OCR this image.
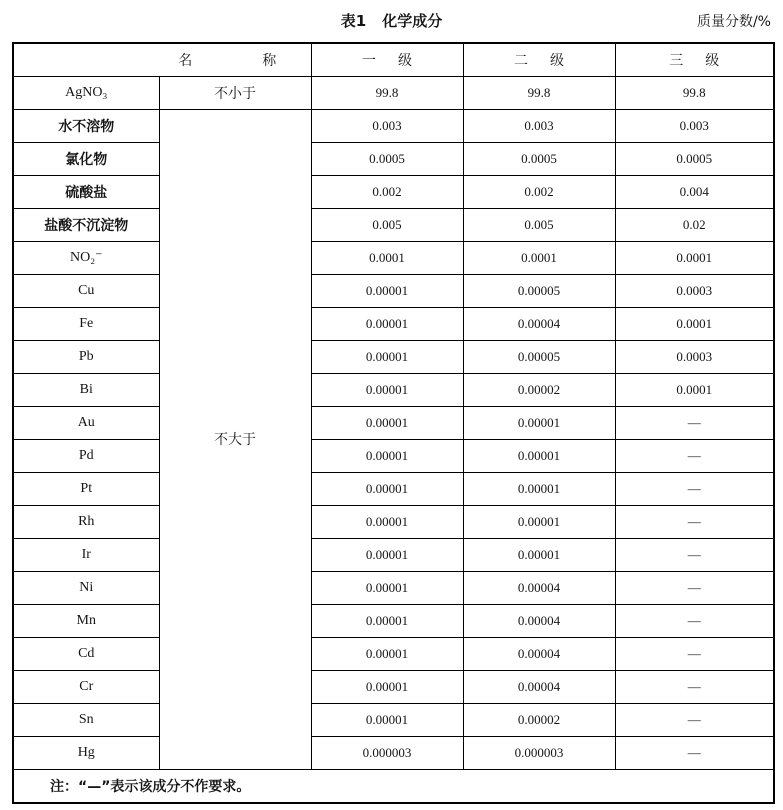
表1 化学成分	质量分数/%
名称		一级	二级	三级
AgNO₃	不小于	99.8	99.8	99.8
水不溶物	不大于	0.003	0.003	0.003
氯化物		0.0005	0.0005	0.0005
硫酸盐		0.002	0.002	0.004
盐酸不沉淀物		0.005	0.005	0.02
NO₂⁻		0.0001	0.0001	0.0001
Cu		0.00001	0.00005	0.0003
Fe		0.00001	0.00004	0.0001
Pb		0.00001	0.00005	0.0003
Bi		0.00001	0.00002	0.0001
Au		0.00001	0.00001	—
Pd		0.00001	0.00001	—
Pt		0.00001	0.00001	—
Rh		0.00001	0.00001	—
Ir		0.00001	0.00001	—
Ni		0.00001	0.00004	—
Mn		0.00001	0.00004	—
Cd		0.00001	0.00004	—
Cr		0.00001	0.00004	—
Sn		0.00001	0.00002	—
Hg		0.000003	0.000003	—
注：“—”表示该成分不作要求。				
